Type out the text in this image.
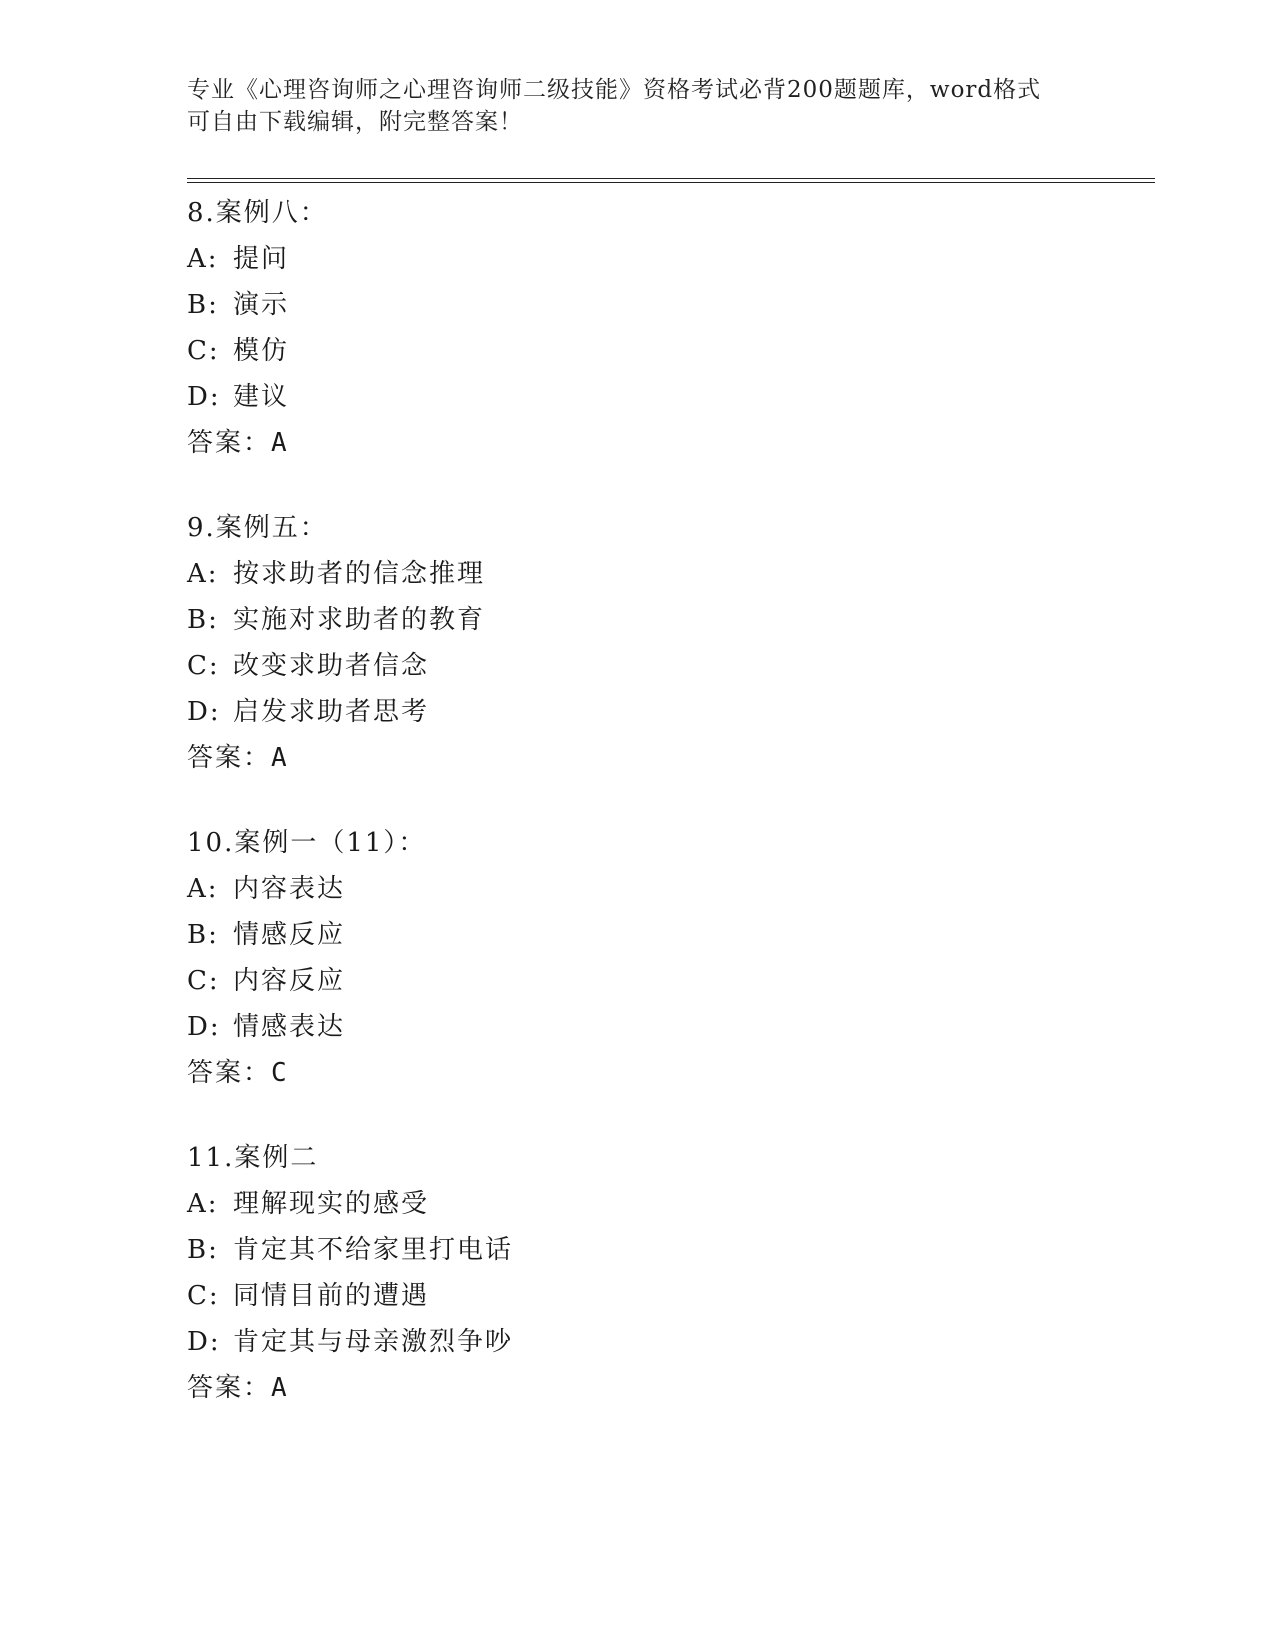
专业《心理咨询师之心理咨询师二级技能》资格考试必背200题题库，word格式
可自由下载编辑，附完整答案！
8.案例八：
A: 提问
B: 演示
C: 模仿
D: 建议
答案：A
9.案例五：
A: 按求助者的信念推理
B: 实施对求助者的教育
C: 改变求助者信念
D: 启发求助者思考
答案：A
10.案例一（11）：
A: 内容表达
B: 情感反应
C: 内容反应
D: 情感表达
答案：C
11.案例二
A: 理解现实的感受
B: 肯定其不给家里打电话
C: 同情目前的遭遇
D: 肯定其与母亲激烈争吵
答案：A
